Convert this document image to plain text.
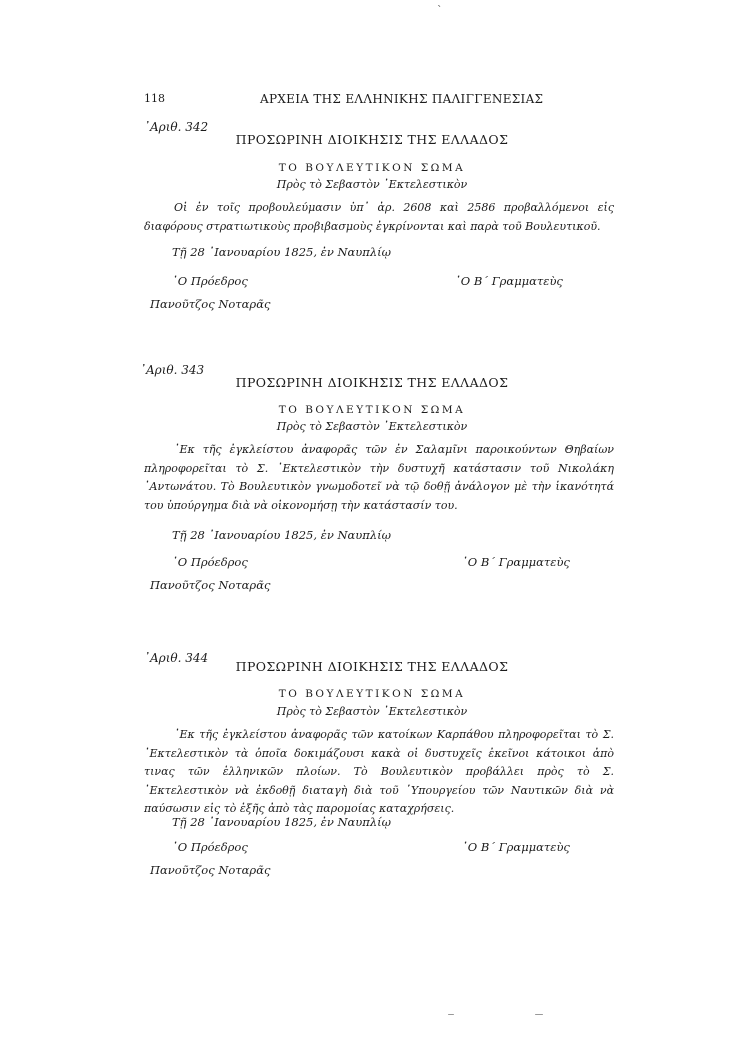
`
118	ΑΡΧΕΙΑ ΤΗΣ ΕΛΛΗΝΙΚΗΣ ΠΑΛΙΓΓΕΝΕΣΙΑΣ
᾿Αριθ. 342
ΠΡΟΣΩΡΙΝΗ ΔΙΟΙΚΗΣΙΣ ΤΗΣ ΕΛΛΑΔΟΣ
ΤΟ ΒΟΥΛΕΥΤΙΚΟΝ ΣΩΜΑ
Πρὸς τὸ Σεβαστὸν ᾿Εκτελεστικὸν

Οἱ ἐν τοῖς προβουλεύμασιν ὑπ᾿ ἀρ. 2608 καὶ 2586 προβαλλόμενοι εἰς διαφόρους στρατιωτικοὺς προβιβασμοὺς ἐγκρίνονται καὶ παρὰ τοῦ Βουλευτικοῦ.

Τῇ 28 ᾿Ιανουαρίου 1825, ἐν Ναυπλίῳ
῾Ο Πρόεδρος	῾Ο Β΄ Γραμματεὺς
Πανοῦτζος Νοταρᾶς
᾿Αριθ. 343
ΠΡΟΣΩΡΙΝΗ ΔΙΟΙΚΗΣΙΣ ΤΗΣ ΕΛΛΑΔΟΣ
ΤΟ ΒΟΥΛΕΥΤΙΚΟΝ ΣΩΜΑ
Πρὸς τὸ Σεβαστὸν ᾿Εκτελεστικὸν

᾿Εκ τῆς ἐγκλείστου ἀναφορᾶς τῶν ἐν Σαλαμῖνι παροικούντων Θηβαίων πληροφορεῖται τὸ Σ. ᾿Εκτελεστικὸν τὴν δυστυχῆ κατάστασιν τοῦ Νικολάκη ᾿Αντωνάτου. Τὸ Βουλευτικὸν γνωμοδοτεῖ νὰ τῷ δοθῇ ἀνάλογον μὲ τὴν ἱκανότητά του ὑπούργημα διὰ νὰ οἰκονομήσῃ τὴν κατάστασίν του.

Τῇ 28 ᾿Ιανουαρίου 1825, ἐν Ναυπλίῳ
῾Ο Πρόεδρος	῾Ο Β΄ Γραμματεὺς
Πανοῦτζος Νοταρᾶς
᾿Αριθ. 344
ΠΡΟΣΩΡΙΝΗ ΔΙΟΙΚΗΣΙΣ ΤΗΣ ΕΛΛΑΔΟΣ
ΤΟ ΒΟΥΛΕΥΤΙΚΟΝ ΣΩΜΑ
Πρὸς τὸ Σεβαστὸν ᾿Εκτελεστικὸν

᾿Εκ τῆς ἐγκλείστου ἀναφορᾶς τῶν κατοίκων Καρπάθου πληροφορεῖται τὸ Σ. ᾿Εκτελεστικὸν τὰ ὁποῖα δοκιμάζουσι κακὰ οἱ δυστυχεῖς ἐκεῖνοι κάτοικοι ἀπὸ τινας τῶν ἑλληνικῶν πλοίων. Τὸ Βουλευτικὸν προβάλλει πρὸς τὸ Σ. ᾿Εκτελεστικὸν νὰ ἐκδοθῇ διαταγὴ διὰ τοῦ ῾Υπουργείου τῶν Ναυτικῶν διὰ νὰ παύσωσιν εἰς τὸ ἑξῆς ἀπὸ τὰς παρομοίας καταχρήσεις.

Τῇ 28 ᾿Ιανουαρίου 1825, ἐν Ναυπλίῳ
῾Ο Πρόεδρος	῾Ο Β΄ Γραμματεὺς
Πανοῦτζος Νοταρᾶς
